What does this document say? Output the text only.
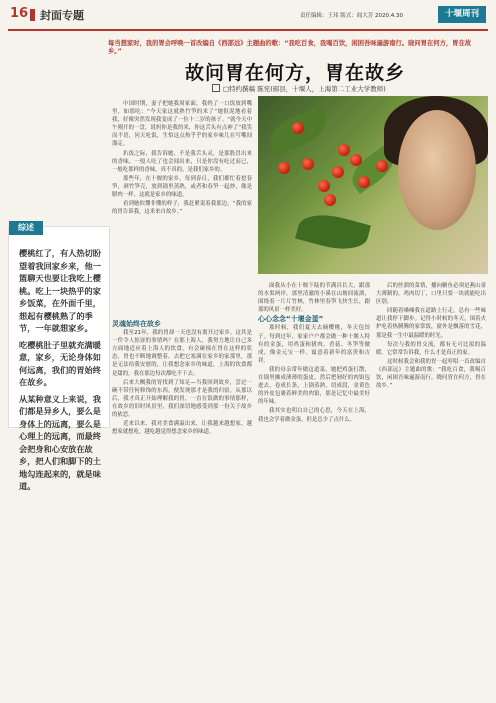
16 封面专题	责任编辑：王玮 版式：阎大芳 2020.4.30	十堰周刊
每当想家时，我的胃会呼唤一首改编自《西部远》主题曲的歌：“我吃百食，我喝百饮，闲困吾味遍游南行。晓问胃在何方，胃在故乡。”
故问胃在何方，胃在故乡
□特约撰稿 陈宪(郧县，十堰人，上海第二工业大学教师)
综述
樱桃红了，有人热切盼望着我回家乡来，他一篮聊天也要让我吃上樱桃。吃上一块热乎的家乡饭菜，在外面千里，想起有樱桃熟了的季节，一年就想家乡。
吃樱桃肚子里就充满暖意，家乡，无论身体如何远离，我们的胃始终在故乡。
从某种意义上来说，我们都是异乡人，要么是身体上的远离，要么是心理上的远离，而最终会把身和心安放在故乡，把人们和脚下的土地勾连起来的，就是味道。

中国时期，妻子把她我周家面，我妈了一口饭放到嘴里，如那吃：“今天家这就熟竹笋的米了”她很泥地看着我，好像突然发现我变成了一位十二岁的孩子。“就今天中午刚开的一盘，说妈你是我的米，你这舌头有点神了”我笑而不语，问天吃饭，生怕这点热乎乎的家乡味儿在写嘴间溜走。

扒饭之际，我告诉她，不是我舌头灵，是那股冒出来的香味，一般人吃了也会闻出来，只是你没有吃过而已，一般吃那样的香味，真不真的，是我们家乡的。

那些年，在十堰的家乡，每到春日，我们都忙着挖春笋，剥竹笋壳，放到锅里蒸熟，或者和春笋一起炒，像是腊肉一样，这就是家乡的味道。

看到她似懂非懂的样子，我赶紧说着我那边，“我的家的胃告诉我，这米来自故乡。”

灵魂始终在故乡

我至21年，我的胃却一天也没有离开过家乡，这其是一件令人惊讶的事情吗？在那上海人，我努力地让自己多方面地适应着上海人的饮食，有会碰撞在胃在这样的状态，胃也不断地调整着，去把它塞满在家乡的家那里，那是无法给我安慰的，让我想念家乡的味道，上海的饮食都是甜的，我在那边每次都吃不下去。

后来大概我的胃找到了知足—当我回到故乡，尝过一碗不带任何修饰的东西，便发现那才是我的归宿。从那以后，我才真正开始理解我的胃，一直在饭做的事情那样，在故乡的旧时风景里，我们深切地感受到那一份关于故乡的依恋。

近来以来，我对美食满溢出来，让我越来越想家，越想家就想吃，越吃越觉得想念家乡的味道。

面我从小在十堰下陆的节满昌长大，跟那的水渠两岸，那里清澈的小溪在山坡间流淌，围绕着一片片竹林，竹林里春笋飞快生长，跟那的风景一样美好。

心心念念“十堰金蛋”

那时候，我们夏天去摘樱桃，冬天包饺子。每到过年，家家户户都会做一种十堰人特有的金蛋，用鸡蛋和猪肉、香菇、冬笋等做成，像金元宝一样，寓意着新年的富贵和吉祥。

我的母亲常年做这道菜，她把鸡蛋打散，在锅里摊成薄薄的蛋皮，然后把剁好的肉馅包进去，卷成长条，上锅蒸熟，切成段，金黄色的外皮包裹着鲜美的肉馅，那是记忆中最美好的年味。

我其实也明白自己的心思，今天在上海，我也会学着做金蛋，但是总少了点什么。

后的丝溜的菜情，播向糖鱼必须是燕山童大薄制的，鸡肉切丁，口里只要一块就能吃出区别。

回随着嗓嗓我在道路上行走，总有一些味道让我停下脚步。记得小时候的冬天，围着火炉吃着热腾腾的家常饭，窗外是飘落的雪花，那是我一生中最温暖的时光。

每次与我的胃交流，都有无可比拟的温暖。它常常告诉我，什么才是真正的家。

这时候我会和我的胃一起哼唱一首改编自《西部远》主题曲的歌：“我吃百食，我喝百饮，闲困吾味遍游南行。晓问胃在何方，胃在故乡。”
